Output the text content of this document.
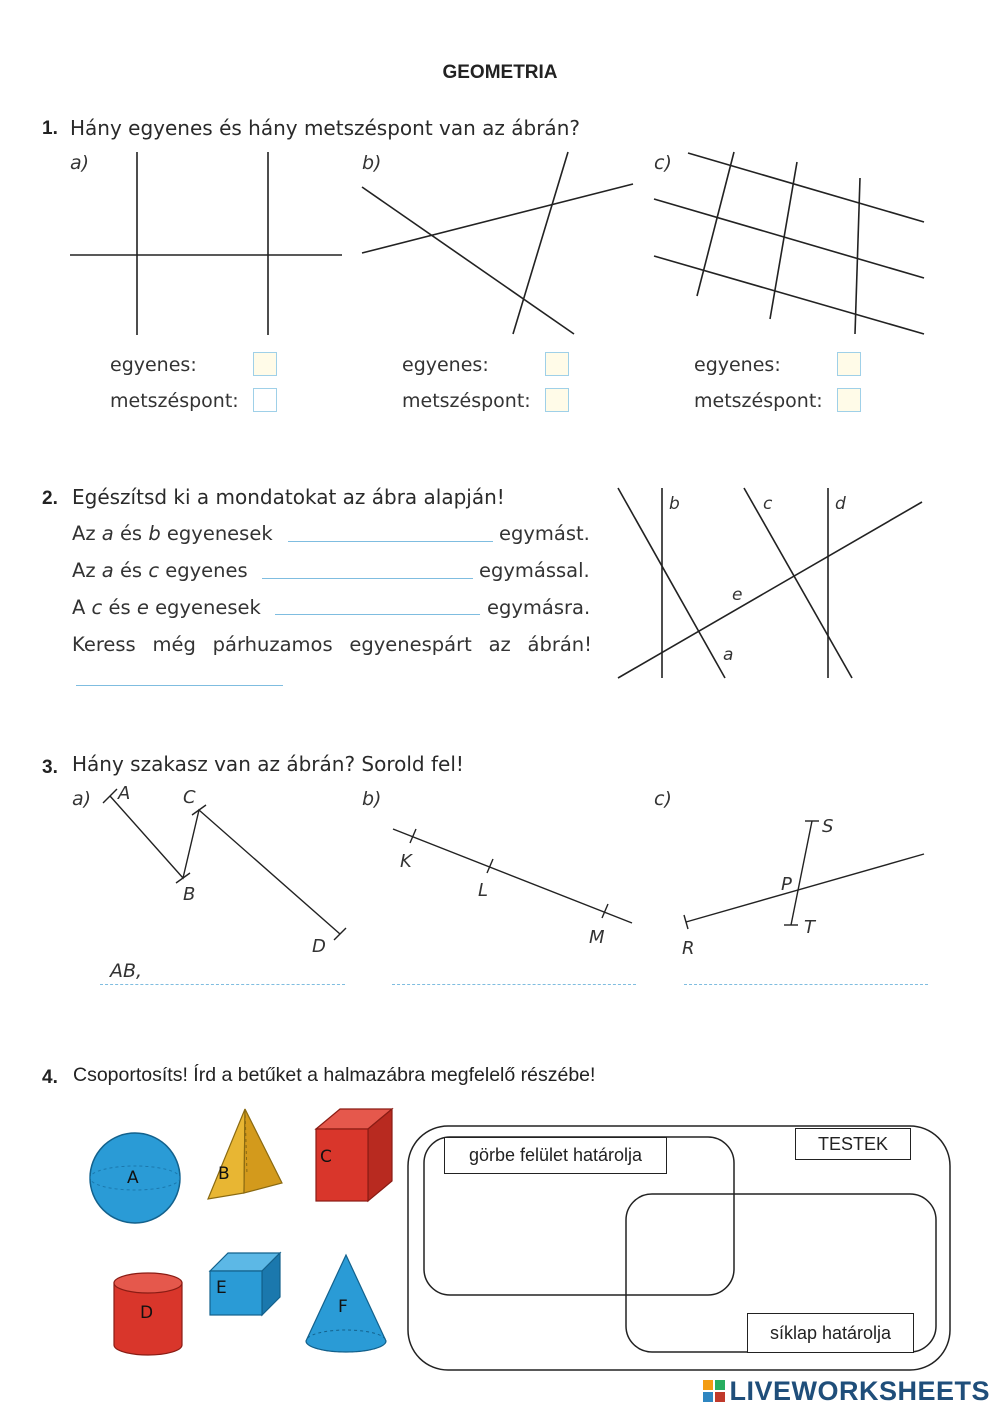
GEOMETRIA
1. Hány egyenes és hány metszéspont van az ábrán?
a)	b)	c)
egyenes:
metszéspont:
egyenes:
metszéspont:
egyenes:
metszéspont:
2. Egészítsd ki a mondatokat az ábra alapján!
Az a és b egyenesek	egymást.
Az a és c egyenes	egymással.
A c és e egyenesek	egymásra.
Keress még párhuzamos egyenespárt az ábrán!
b	c	d
e
a
3. Hány szakasz van az ábrán? Sorold fel!
a)	b)	c)
A	C
B
D
K
L
M
S
P
T
R
AB,
4. Csoportosíts! Írd a betűket a halmazábra megfelelő részébe!
A	B
C
D
E
F
TESTEK
görbe felület határolja
síklap határolja
LIVEWORKSHEETS
